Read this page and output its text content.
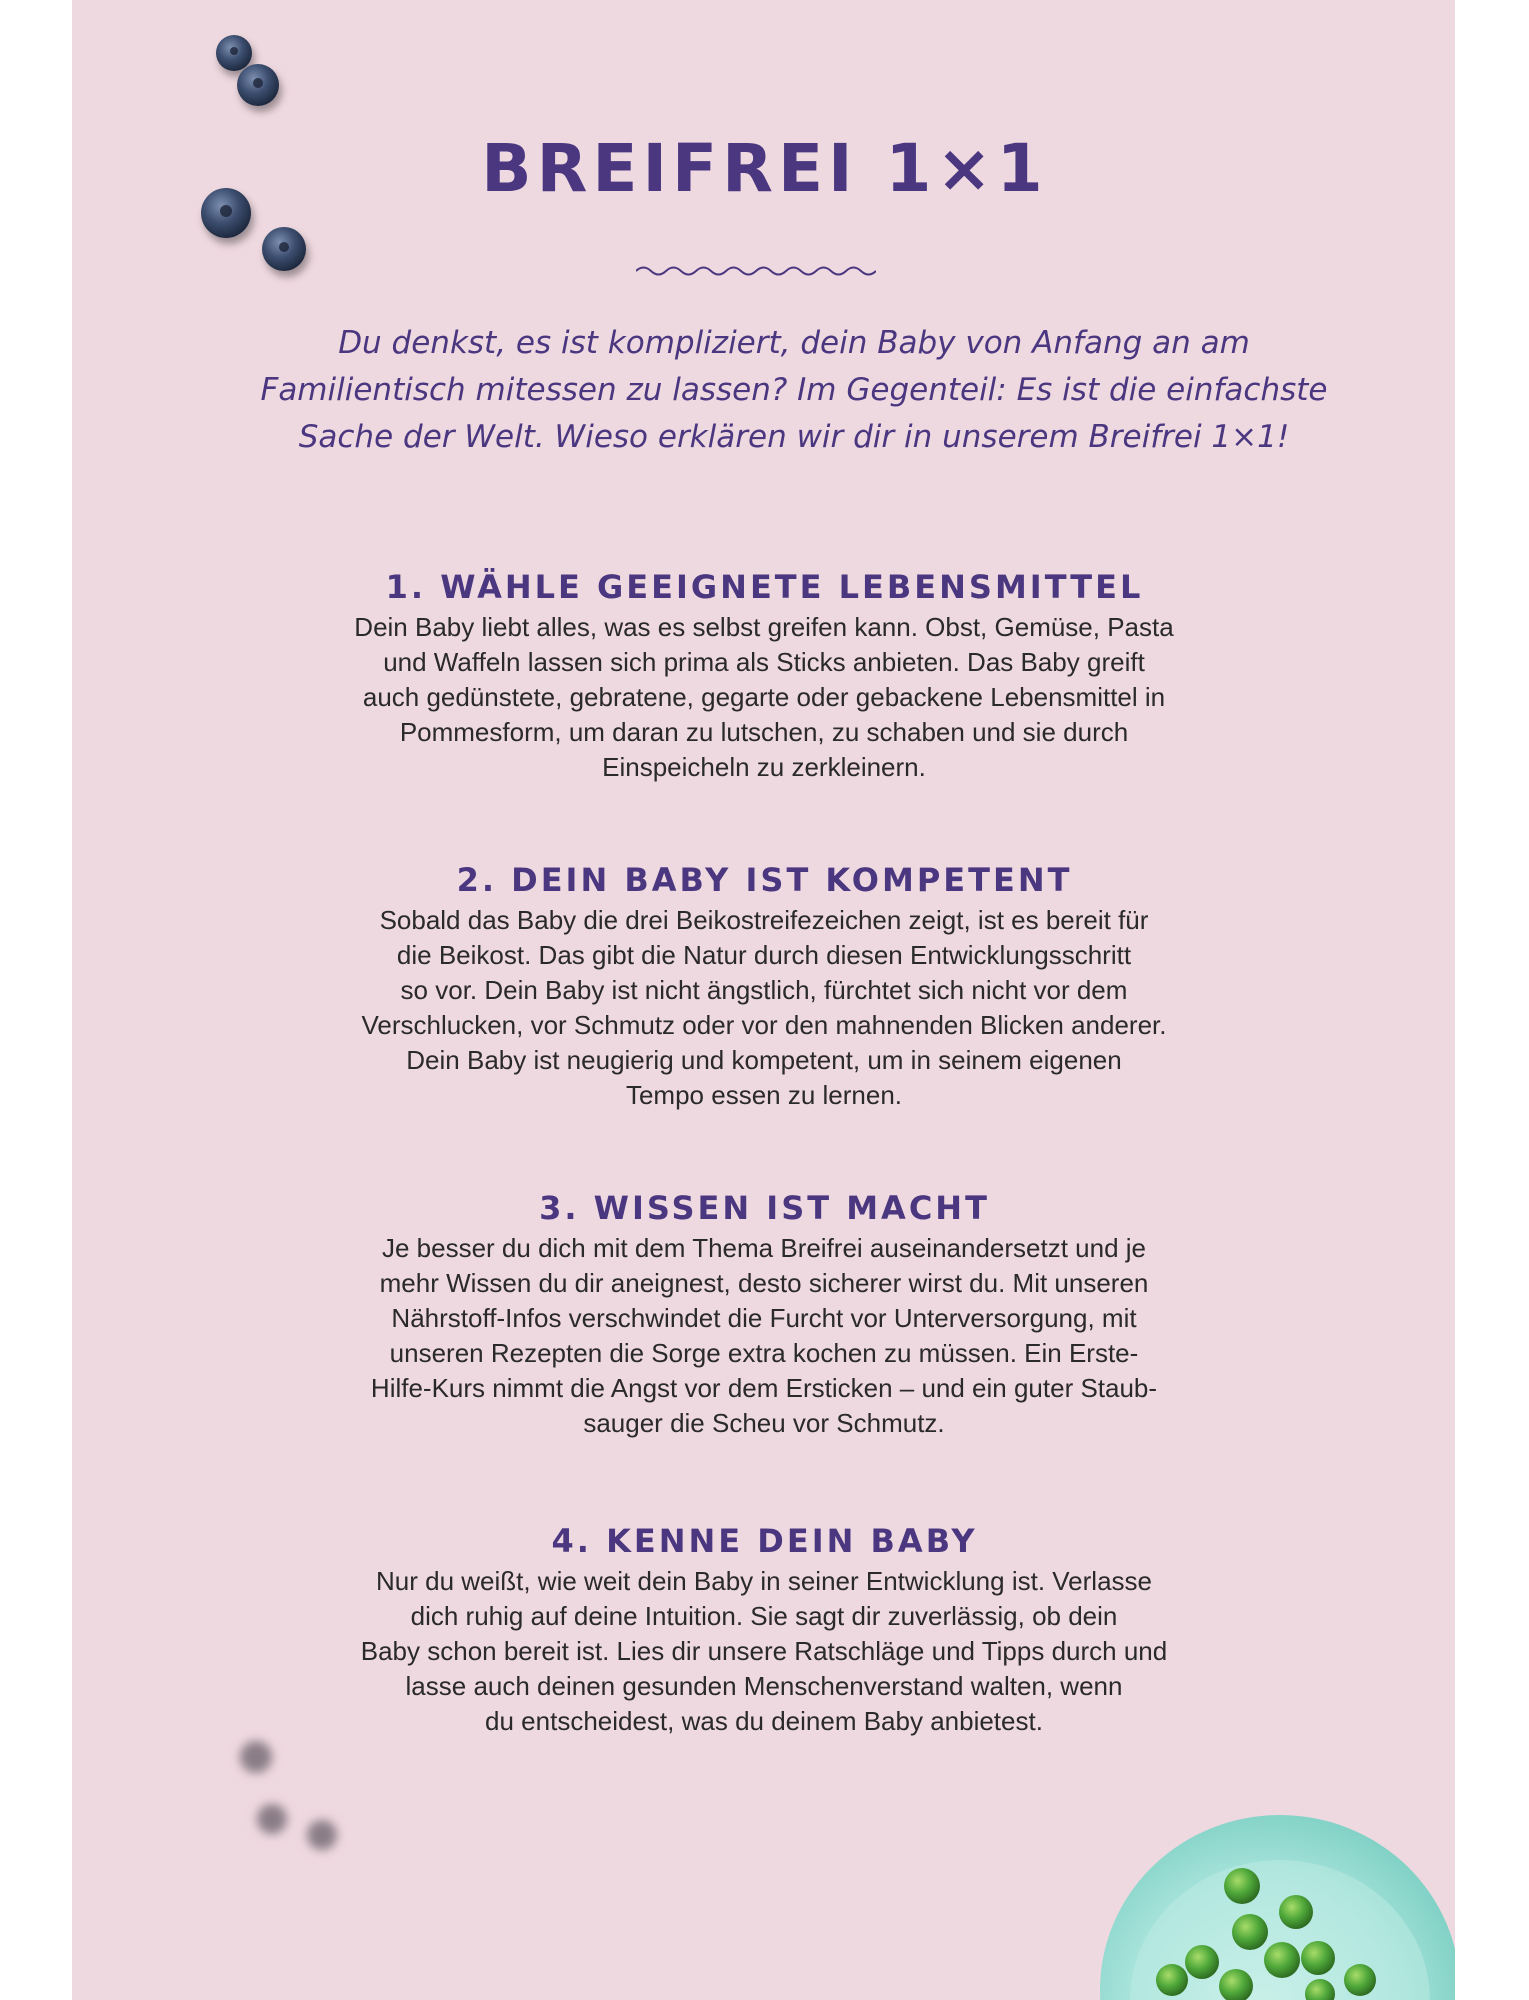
BREIFREI 1×1
Du denkst, es ist kompliziert, dein Baby von Anfang an am
Familientisch mitessen zu lassen? Im Gegenteil: Es ist die einfachste
Sache der Welt. Wieso erklären wir dir in unserem Breifrei 1×1!
1. WÄHLE GEEIGNETE LEBENSMITTEL
Dein Baby liebt alles, was es selbst greifen kann. Obst, Gemüse, Pasta
und Waffeln lassen sich prima als Sticks anbieten. Das Baby greift
auch gedünstete, gebratene, gegarte oder gebackene Lebensmittel in
Pommesform, um daran zu lutschen, zu schaben und sie durch
Einspeicheln zu zerkleinern.
2. DEIN BABY IST KOMPETENT
Sobald das Baby die drei Beikostreifezeichen zeigt, ist es bereit für
die Beikost. Das gibt die Natur durch diesen Entwicklungsschritt
so vor. Dein Baby ist nicht ängstlich, fürchtet sich nicht vor dem
Verschlucken, vor Schmutz oder vor den mahnenden Blicken anderer.
Dein Baby ist neugierig und kompetent, um in seinem eigenen
Tempo essen zu lernen.
3. WISSEN IST MACHT
Je besser du dich mit dem Thema Breifrei auseinandersetzt und je
mehr Wissen du dir aneignest, desto sicherer wirst du. Mit unseren
Nährstoff-Infos verschwindet die Furcht vor Unterversorgung, mit
unseren Rezepten die Sorge extra kochen zu müssen. Ein Erste-
Hilfe-Kurs nimmt die Angst vor dem Ersticken – und ein guter Staub-
sauger die Scheu vor Schmutz.
4. KENNE DEIN BABY
Nur du weißt, wie weit dein Baby in seiner Entwicklung ist. Verlasse
dich ruhig auf deine Intuition. Sie sagt dir zuverlässig, ob dein
Baby schon bereit ist. Lies dir unsere Ratschläge und Tipps durch und
lasse auch deinen gesunden Menschenverstand walten, wenn
du entscheidest, was du deinem Baby anbietest.
